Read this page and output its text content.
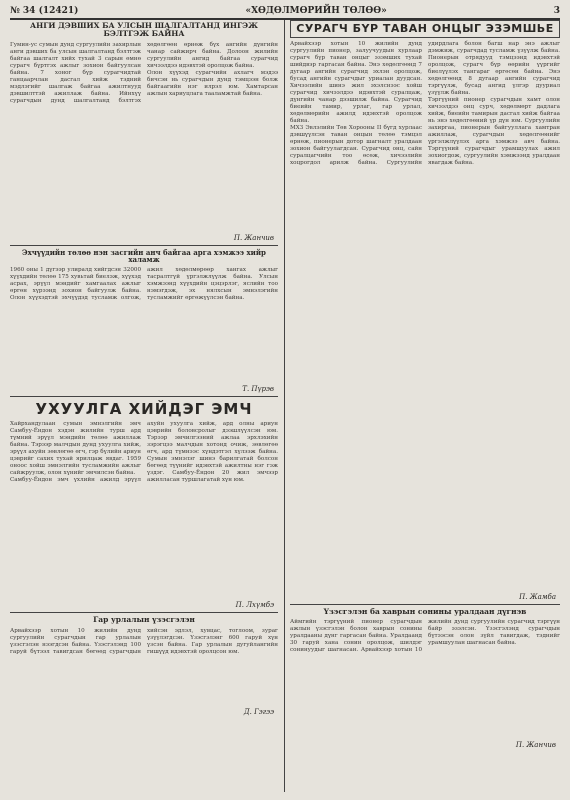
№ 34 (12421)	«ХӨДӨЛМӨРИЙН ТӨЛӨӨ»	3
АНГИ ДЭВШИХ БА УЛСЫН ШАЛГАЛТАНД ИНГЭЖ БЭЛТГЭЖ БАЙНА
Гумин-ус сумын дунд сургуулийн захирлын анги дэвших ба улсын шалгалтанд бэлтгэж байгаа шалгалт хийх тухай 3 сарын өмнө сурагч бүртгэх ажлыг зохион байгуулсан байна. 7 хоног бүр сурагчидтай ганцаарчлан дасгал хийж тэдний мэдлэгийг шалгаж байгаа ажилтнууд дэвшилттэй ажиллаж байна. Ийнхүү сурагчдын дунд шалгалтанд бэлтгэх хөдөлгөөн өрнөж бүх ангийн дүнгийн чанар сайжирч байна. Долоон жилийн сургуулийн ангид байгаа сурагчид хичээлдээ идэвхтэй оролцож байна.
Олон хүүхэд сурагчийн ахлагч мэдээ бичсэн нь сурагчдын дунд тэмцээн болж байгаагийн нэг илрэл юм. Хамтарсан ажлын хариуцлага тааламжтай байна.
П. Жанчив
Эхчүүдийн төлөө нэн засгийн анч байгаа арга хэмжээ хийр халамж
1960 оны 1 дүгээр улиралд хийгдсэн 32000 хүүхдийн төлөө 175 хувьтай биелэж, хүүхэд асрах, эрүүл мэндийг хамгаалах ажлыг өргөн хүрээнд зохион байгуулж байна. Олон хүүхэдтэй эхчүүдэд тусламж олгож, ажил хөдөлмөрөөр хангах ажлыг тасралтгүй үргэлжлүүлж байна. Улсын хэмжээнд хүүхдийн цэцэрлэг, яслийн тоо нэмэгдэж, эх нялхсын эмнэлэгийн тусламжийг өргөжүүлсэн байна.
Т. Пүрэв
УХУУЛГА ХИЙДЭГ ЭМЧ
Хайрхандулаан сумын эмнэлгийн эмч Самбуу-Ёндон хэдэн жилийн турш ард түмний эрүүл мэндийн төлөө ажиллаж байна. Тэрээр малчдын дунд ухуулга хийж, эрүүл ахуйн зөвлөгөө өгч, гэр бүлийн ариун цэврийг сахих тухай ярилцаж явдаг. 1959 оноос хойш эмнэлгийн тусламжийн ажлыг сайжруулж, олон хүнийг эмчилсэн байна.
Самбуу-Ёндон эмч үхлийн ажилд эрүүл ахуйн ухуулга хийж, ард олны ариун цэврийн боловсролыг дээшлүүлсэн юм. Тэрээр эмчилгээний ажлаа эрхлэхийн зэрэгцээ малчдын хотонд очиж, зөвлөгөө өгч, ард түмнээс хүндэтгэл хүлээж байна. Сумын эмнэлэг шинэ барилгатай болсон бөгөөд түүнийг идэвхтэй ажилтны нэг гэж үздэг. Самбуу-Ёндон 20 жил эмчээр ажилласан туршлагатай хүн юм.
П. Лхүмбэ
Гар урлалын үзэсгэлэн
Арвайхээр хотын 10 жилийн дунд сургуулийн сурагчдын гар урлалын үзэсгэлэн нээгдсэн байна. Үзэсгэлэнд 100 гаруй бүтээл тавигдсан бөгөөд сурагчдын хийсэн эдлэл, хувцас, тоглоом, зураг үзүүлэгдсэн. Үзэсгэлэнг 600 гаруй хүн үзсэн байна. Гар урлалын дугуйлангийн гишүүд идэвхтэй оролцсон юм.
Д. Гэгээ
СУРАГЧ БҮР ТАВАН ОНЦЫГ ЭЗЭМШЬЕ
Арвайхээр хотын 10 жилийн дунд сургуулийн пионер, залуучуудын хурлаар сурагч бүр таван онцыг эзэмших тухай шийдвэр гаргасан байна. Энэ хөдөлгөөнд 7 дугаар ангийн сурагчид эхлэн оролцож, бусад ангийн сурагчдыг уриалан дуудсан. Хичээлийн шинэ жил эхэлснээс хойш сурагчид хичээлдээ идэвхтэй суралцаж, дүнгийн чанар дээшилж байна. Сурагчид биеийн тамир, урлаг, гар урлал, хөдөлмөрийн ажилд идэвхтэй оролцож байна.
МХЗ Эвлэлийн Төв Хорооны II бүгд хурлаас дэвшүүлсэн таван онцын төлөө тэмцэл өрнөж, пионерын дотор шагналт уралдаан зохион байгуулагдсан. Сурагчид онц, сайн суралцагчийн тоо өсөж, хичээлийн хоцрогдол арилж байна. Сургуулийн удирдлага болон багш нар энэ ажлыг дэмжиж, сурагчдад тусламж үзүүлж байна. Пионерын отрядууд тэмцээнд идэвхтэй оролцож, сурагч бүр өөрийн үүргийг биелүүлэх тангараг өргөсөн байна. Энэ хөдөлгөөнд 8 дугаар ангийн сурагчид тэргүүлж, бусад ангид үлгэр дууриал үзүүлж байна.
Тэргүүний пионер сурагчдын хамт олон хичээлдээ онц сурч, хөдөлмөрт дадлага хийж, биеийн тамирын дасгал хийж байгаа нь энэ хөдөлгөөний үр дүн юм. Сургуулийн захиргаа, пионерын байгууллага хамтран ажиллаж, сурагчдын хөдөлгөөнийг үргэлжлүүлэх арга хэмжээ авч байна. Тэргүүний сурагчдыг урамшуулах ажил зохиогдож, сургуулийн хэмжээнд уралдаан явагдаж байна.
П. Жамба
Үзэсгэлэн ба хаврын сонины уралдаан дүгнэв
Аймгийн тэргүүний пионер сурагчдын ажлын үзэсгэлэн болон хаврын сонины уралдааны дүнг гаргасан байна. Уралдаанд 30 гаруй хана сонин оролцож, шилдэг сонинуудыг шагнасан. Арвайхээр хотын 10 жилийн дунд сургуулийн сурагчид тэргүүн байр эзэлсэн. Үзэсгэлэнд сурагчдын бүтээсэн олон зүйл тавигдаж, тэднийг урамшуулан шагнасан байна.
П. Жанчив
